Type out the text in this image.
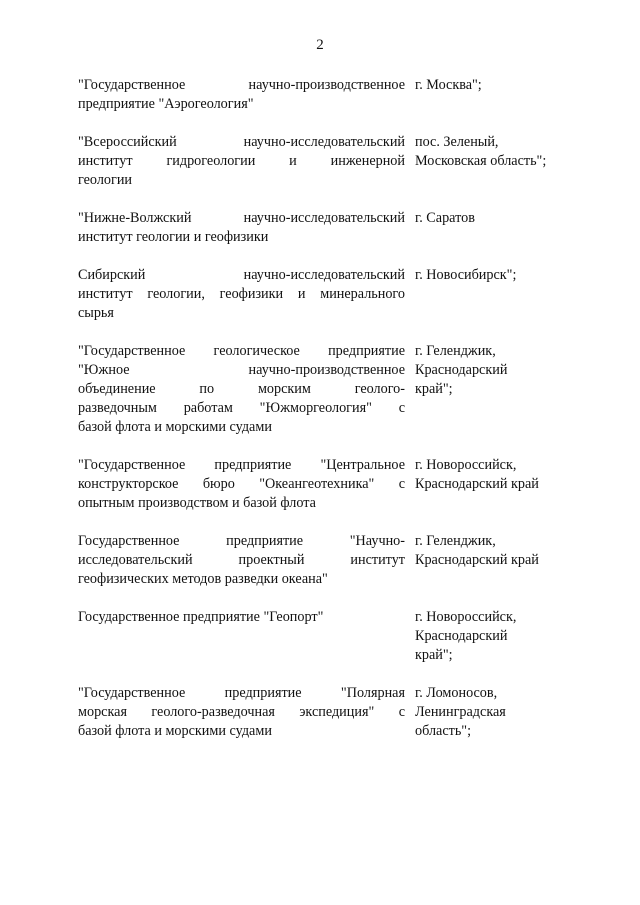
2
"Государственное научно-производственное
предприятие "Аэрогеология"
г. Москва";
"Всероссийский научно-исследовательский
институт гидрогеологии и инженерной
геологии
пос. Зеленый,
Московская область";
"Нижне-Волжский научно-исследовательский
институт геологии и геофизики
г. Саратов
Сибирский научно-исследовательский
институт геологии, геофизики и минерального
сырья
г. Новосибирск";
"Государственное геологическое предприятие
"Южное научно-производственное
объединение по морским геолого-
разведочным работам "Южморгеология" с
базой флота и морскими судами
г. Геленджик,
Краснодарский
край";
"Государственное предприятие "Центральное
конструкторское бюро "Океангеотехника" с
опытным производством и базой флота
г. Новороссийск,
Краснодарский край
Государственное предприятие "Научно-
исследовательский проектный институт
геофизических методов разведки океана"
г. Геленджик,
Краснодарский край
Государственное предприятие "Геопорт"	г. Новороссийск,
Краснодарский
край";
"Государственное предприятие "Полярная
морская геолого-разведочная экспедиция" с
базой флота и морскими судами
г. Ломоносов,
Ленинградская
область";
